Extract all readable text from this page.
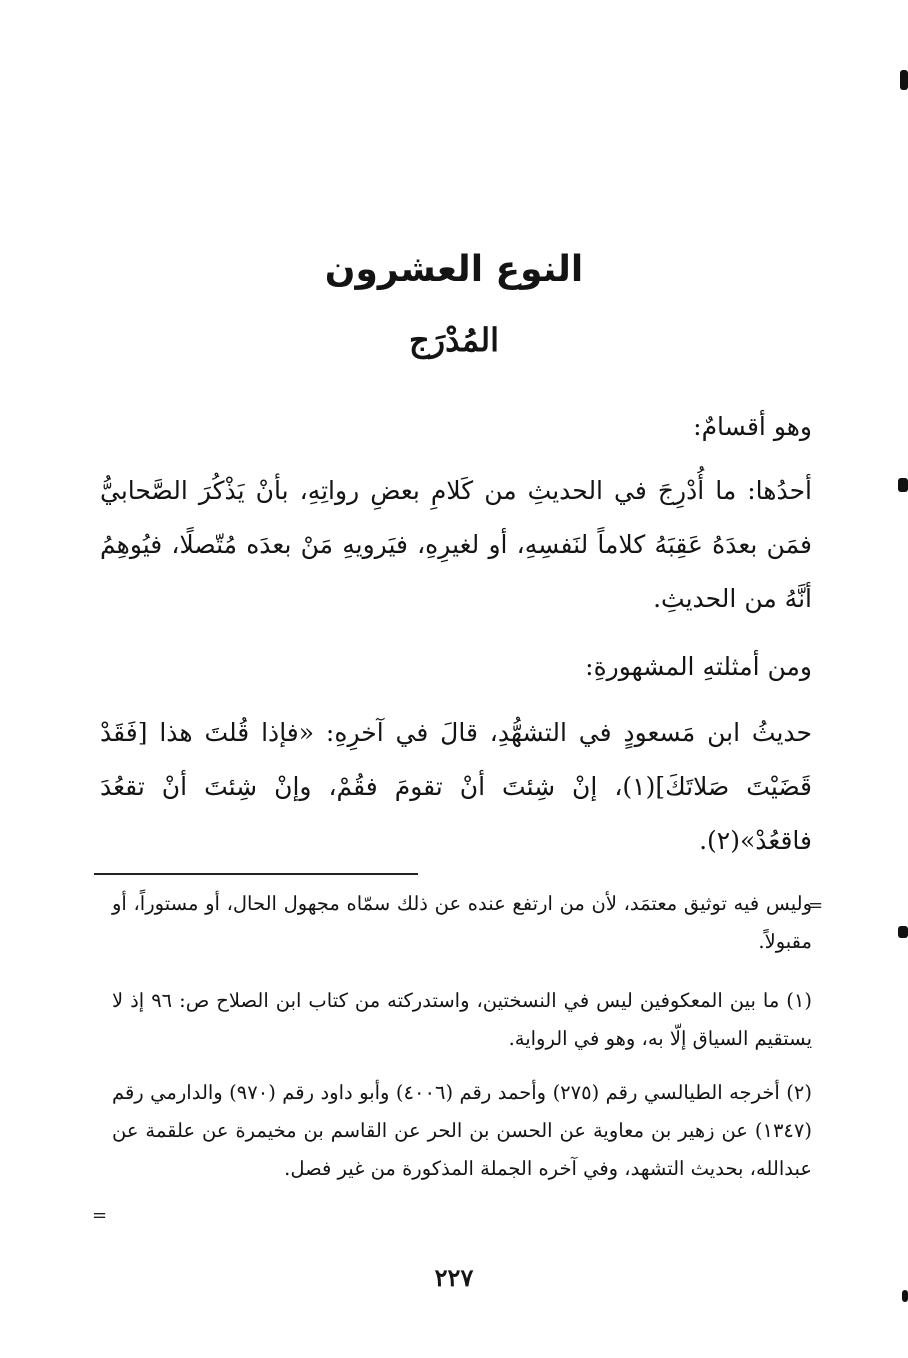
النوع العشرون
المُدْرَج

وهو أقسامٌ:

أحدُها: ما أُدْرِجَ في الحديثِ من كَلامِ بعضِ رواتِهِ، بأنْ يَذْكُرَ الصَّحابيُّ فمَن بعدَهُ عَقِبَهُ كلاماً لنَفسِهِ، أو لغيرِهِ، فيَرويهِ مَنْ بعدَه مُتّصلًا، فيُوهِمُ أنَّهُ من الحديثِ.

ومن أمثلتهِ المشهورةِ:

حديثُ ابن مَسعودٍ في التشهُّدِ، قالَ في آخرِهِ: «فإذا قُلتَ هذا [فَقَدْ قَضَيْتَ صَلاتَكَ](١)، إنْ شِئتَ أنْ تقومَ فقُمْ، وإنْ شِئتَ أنْ تقعُدَ فاقعُدْ»(٢).

=

وليس فيه توثيق معتمَد، لأن من ارتفع عنده عن ذلك سمّاه مجهول الحال، أو مستوراً، أو مقبولاً.

(١) ما بين المعكوفين ليس في النسختين، واستدركته من كتاب ابن الصلاح ص: ٩٦ إذ لا يستقيم السياق إلّا به، وهو في الرواية.

(٢) أخرجه الطيالسي رقم (٢٧٥) وأحمد رقم (٤٠٠٦) وأبو داود رقم (٩٧٠) والدارمي رقم (١٣٤٧) عن زهير بن معاوية عن الحسن بن الحر عن القاسم بن مخيمرة عن علقمة عن عبدالله، بحديث التشهد، وفي آخره الجملة المذكورة من غير فصل.

=
٢٢٧
